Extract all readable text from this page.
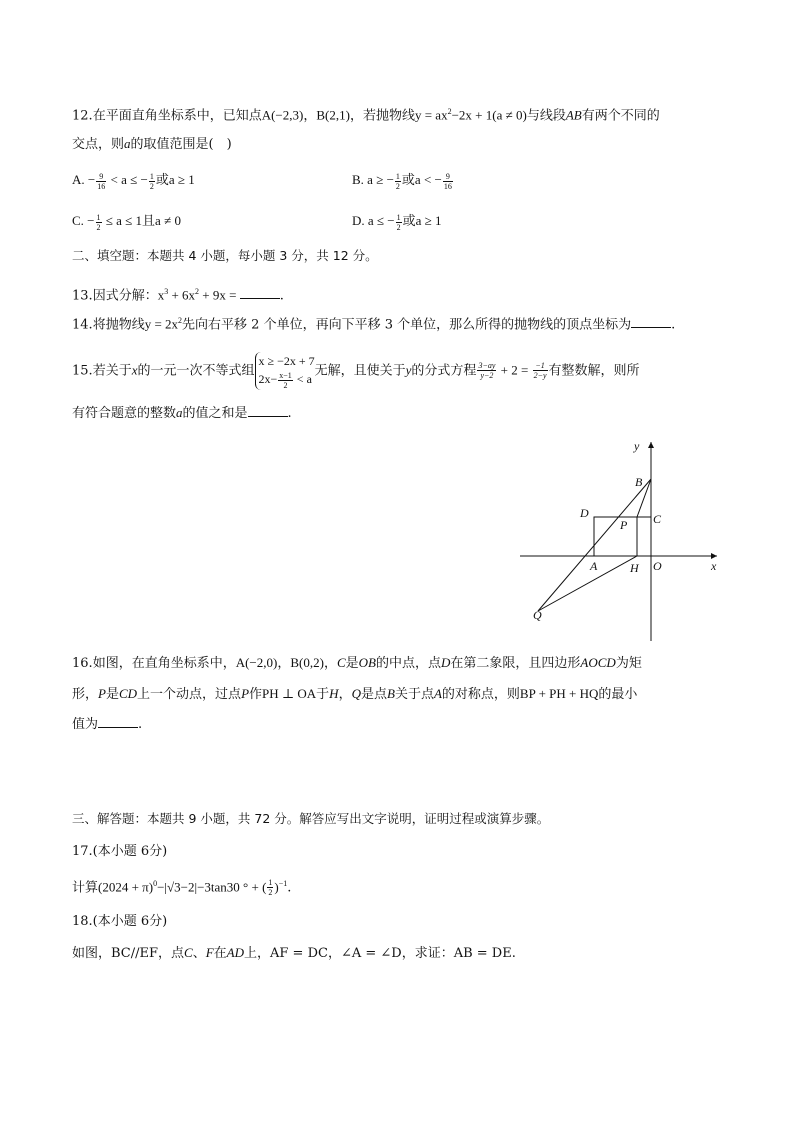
12.在平面直角坐标系中，已知点A(−2,3)，B(2,1)，若抛物线$y = ax^2-2x + 1(a \ne 0)$与线段AB有两个不同的
交点，则a的取值范围是(　)
A. − $\frac{9}{16} < a$ ≤ − $\frac{1}{2}$ 或a ≥ 1	B. a ≥ − $\frac{1}{2}$ 或a < − $\frac{9}{16}$
C. − $\frac{1}{2} \le a \le 1$且a ≠ 0	D. a ≤ − $\frac{1}{2}$ 或a ≥ 1
二、填空题：本题共 4 小题，每小题 3 分，共 12 分。
13.因式分解：$x^3 + 6x^2 + 9x$ =	.
14.将抛物线$y = 2x^2$先向右平移 2 个单位，再向下平移 3 个单位，那么所得的抛物线的顶点坐标为	.
15.若关于x的一元一次不等式组
x ≥ −2x + 7
$2x- \frac{x-1}{2} < a$
无解，且使关于y的分式方程 $\frac{3-ay}{y-2} + 2 = \frac{-1}{2-y}$ 有整数解，则所
有符合题意的整数a的值之和是	.
y
x
B
D	C
P
A	H O
Q
16.如图，在直角坐标系中，A(−2,0)，B(0,2)，C是OB的中点，点D在第二象限，且四边形AOCD为矩
形，P是CD上一个动点，过点P作PH ⊥ OA于H，Q是点B关于点A的对称点，则BP + PH + HQ的最小
值为	.
三、解答题：本题共 9 小题，共 72 分。解答应写出文字说明，证明过程或演算步骤。
17.(本小题 6分)
计算$(2024 + \pi)^0-|√3-2|-3\tan 30$ ° + ( $\frac{1}{2} )^{-1}$.
18.(本小题 6分)
如图，BC//EF，点C、F在AD上，AF = DC，∠A = ∠D，求证：AB = DE.
